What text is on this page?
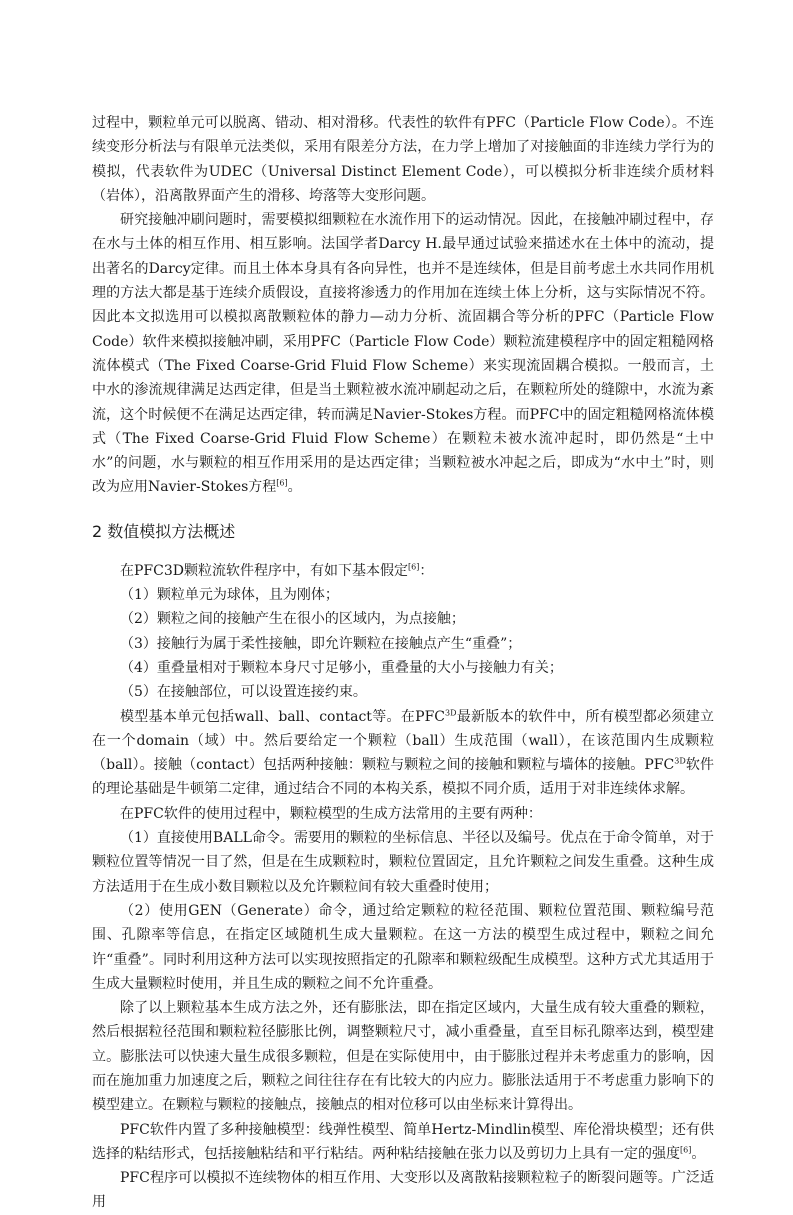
过程中，颗粒单元可以脱离、错动、相对滑移。代表性的软件有PFC（Particle Flow Code）。不连续变形分析法与有限单元法类似，采用有限差分方法，在力学上增加了对接触面的非连续力学行为的模拟，代表软件为UDEC（Universal Distinct Element Code），可以模拟分析非连续介质材料（岩体），沿离散界面产生的滑移、垮落等大变形问题。

研究接触冲刷问题时，需要模拟细颗粒在水流作用下的运动情况。因此，在接触冲刷过程中，存在水与土体的相互作用、相互影响。法国学者Darcy H.最早通过试验来描述水在土体中的流动，提出著名的Darcy定律。而且土体本身具有各向异性，也并不是连续体，但是目前考虑土水共同作用机理的方法大都是基于连续介质假设，直接将渗透力的作用加在连续土体上分析，这与实际情况不符。因此本文拟选用可以模拟离散颗粒体的静力—动力分析、流固耦合等分析的PFC（Particle Flow Code）软件来模拟接触冲刷，采用PFC（Particle Flow Code）颗粒流建模程序中的固定粗糙网格流体模式（The Fixed Coarse-Grid Fluid Flow Scheme）来实现流固耦合模拟。一般而言，土中水的渗流规律满足达西定律，但是当土颗粒被水流冲刷起动之后，在颗粒所处的缝隙中，水流为紊流，这个时候便不在满足达西定律，转而满足Navier-Stokes方程。而PFC中的固定粗糙网格流体模式（The Fixed Coarse-Grid Fluid Flow Scheme）在颗粒未被水流冲起时，即仍然是“土中水”的问题，水与颗粒的相互作用采用的是达西定律；当颗粒被水冲起之后，即成为“水中土”时，则改为应用Navier-Stokes方程[6]。

2 数值模拟方法概述

在PFC3D颗粒流软件程序中，有如下基本假定[6]：

（1）颗粒单元为球体，且为刚体；

（2）颗粒之间的接触产生在很小的区域内，为点接触；

（3）接触行为属于柔性接触，即允许颗粒在接触点产生“重叠”；

（4）重叠量相对于颗粒本身尺寸足够小，重叠量的大小与接触力有关；

（5）在接触部位，可以设置连接约束。

模型基本单元包括wall、ball、contact等。在$PFC^{3D}$最新版本的软件中，所有模型都必须建立在一个domain（域）中。然后要给定一个颗粒（ball）生成范围（wall），在该范围内生成颗粒（ball）。接触（contact）包括两种接触：颗粒与颗粒之间的接触和颗粒与墙体的接触。$PFC^{3D}$软件的理论基础是牛顿第二定律，通过结合不同的本构关系，模拟不同介质，适用于对非连续体求解。

在PFC软件的使用过程中，颗粒模型的生成方法常用的主要有两种：

（1）直接使用BALL命令。需要用的颗粒的坐标信息、半径以及编号。优点在于命令简单，对于颗粒位置等情况一目了然，但是在生成颗粒时，颗粒位置固定，且允许颗粒之间发生重叠。这种生成方法适用于在生成小数目颗粒以及允许颗粒间有较大重叠时使用；

（2）使用GEN（Generate）命令，通过给定颗粒的粒径范围、颗粒位置范围、颗粒编号范围、孔隙率等信息，在指定区域随机生成大量颗粒。在这一方法的模型生成过程中，颗粒之间允许“重叠”。同时利用这种方法可以实现按照指定的孔隙率和颗粒级配生成模型。这种方式尤其适用于生成大量颗粒时使用，并且生成的颗粒之间不允许重叠。

除了以上颗粒基本生成方法之外，还有膨胀法，即在指定区域内，大量生成有较大重叠的颗粒，然后根据粒径范围和颗粒粒径膨胀比例，调整颗粒尺寸，减小重叠量，直至目标孔隙率达到，模型建立。膨胀法可以快速大量生成很多颗粒，但是在实际使用中，由于膨胀过程并未考虑重力的影响，因而在施加重力加速度之后，颗粒之间往往存在有比较大的内应力。膨胀法适用于不考虑重力影响下的模型建立。在颗粒与颗粒的接触点，接触点的相对位移可以由坐标来计算得出。

PFC软件内置了多种接触模型：线弹性模型、简单Hertz-Mindlin模型、库伦滑块模型；还有供选择的粘结形式，包括接触粘结和平行粘结。两种粘结接触在张力以及剪切力上具有一定的强度[6]。

PFC程序可以模拟不连续物体的相互作用、大变形以及离散粘接颗粒粒子的断裂问题等。广泛适用
